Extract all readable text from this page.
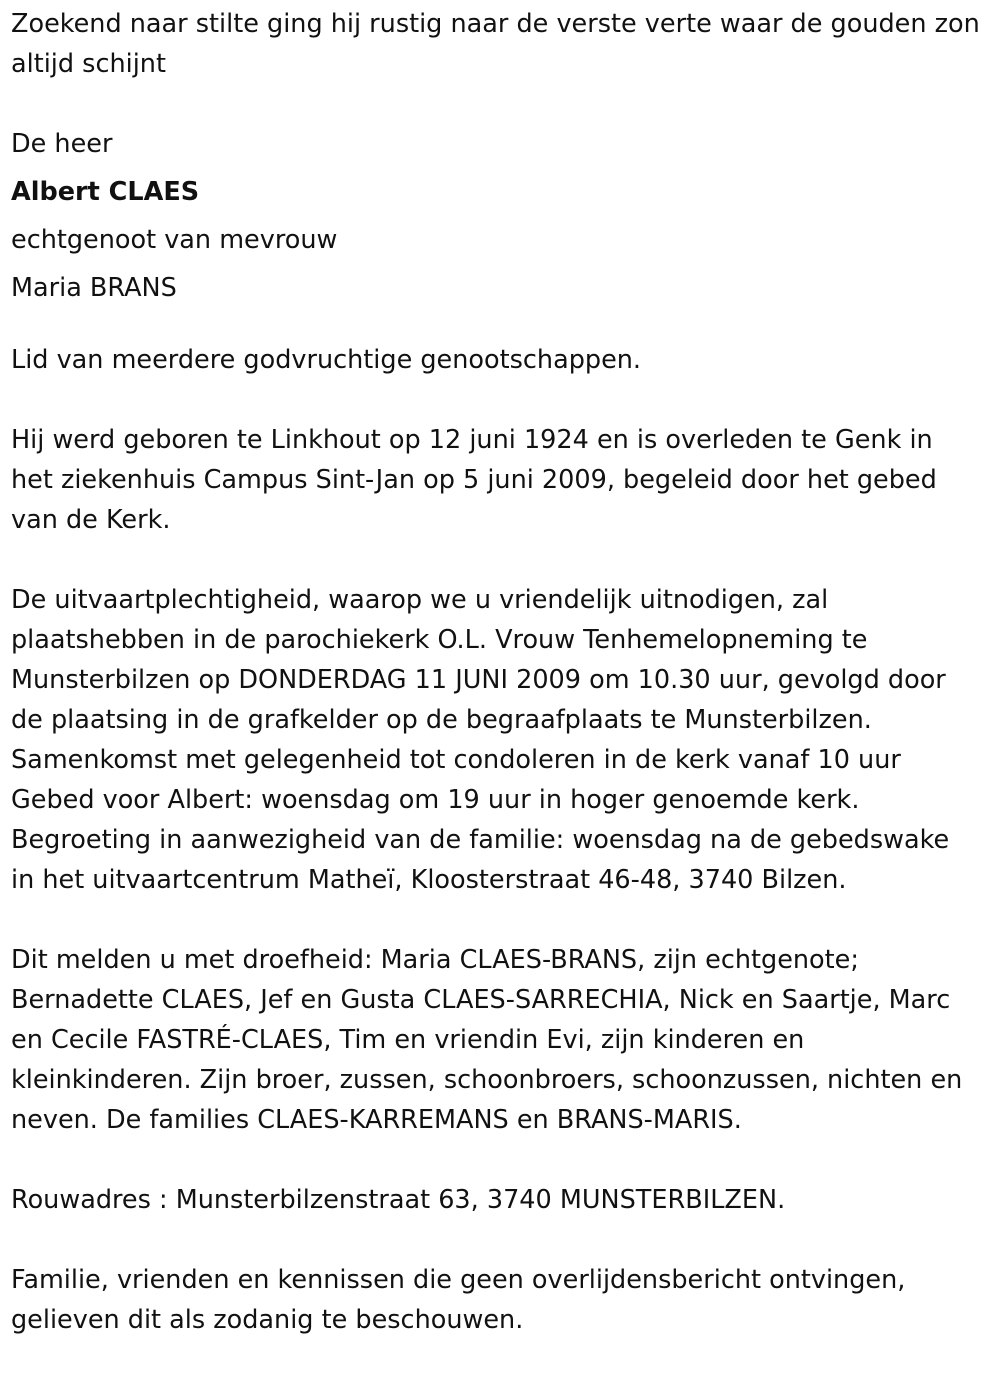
Zoekend naar stilte ging hij rustig naar de verste verte waar de gouden zon altijd schijnt
De heer
Albert CLAES
echtgenoot van mevrouw
Maria BRANS
Lid van meerdere godvruchtige genootschappen.
Hij werd geboren te Linkhout op 12 juni 1924 en is overleden te Genk in
het ziekenhuis Campus Sint-Jan op 5 juni 2009, begeleid door het gebed
van de Kerk.
De uitvaartplechtigheid, waarop we u vriendelijk uitnodigen, zal
plaatshebben in de parochiekerk O.L. Vrouw Tenhemelopneming te
Munsterbilzen op DONDERDAG 11 JUNI 2009 om 10.30 uur, gevolgd door
de plaatsing in de grafkelder op de begraafplaats te Munsterbilzen.
Samenkomst met gelegenheid tot condoleren in de kerk vanaf 10 uur
Gebed voor Albert: woensdag om 19 uur in hoger genoemde kerk.
Begroeting in aanwezigheid van de familie: woensdag na de gebedswake
in het uitvaartcentrum Matheï, Kloosterstraat 46-48, 3740 Bilzen.
Dit melden u met droefheid: Maria CLAES-BRANS, zijn echtgenote;
Bernadette CLAES, Jef en Gusta CLAES-SARRECHIA, Nick en Saartje, Marc
en Cecile FASTRÉ-CLAES, Tim en vriendin Evi, zijn kinderen en
kleinkinderen. Zijn broer, zussen, schoonbroers, schoonzussen, nichten en
neven. De families CLAES-KARREMANS en BRANS-MARIS.
Rouwadres : Munsterbilzenstraat 63, 3740 MUNSTERBILZEN.
Familie, vrienden en kennissen die geen overlijdensbericht ontvingen,
gelieven dit als zodanig te beschouwen.
